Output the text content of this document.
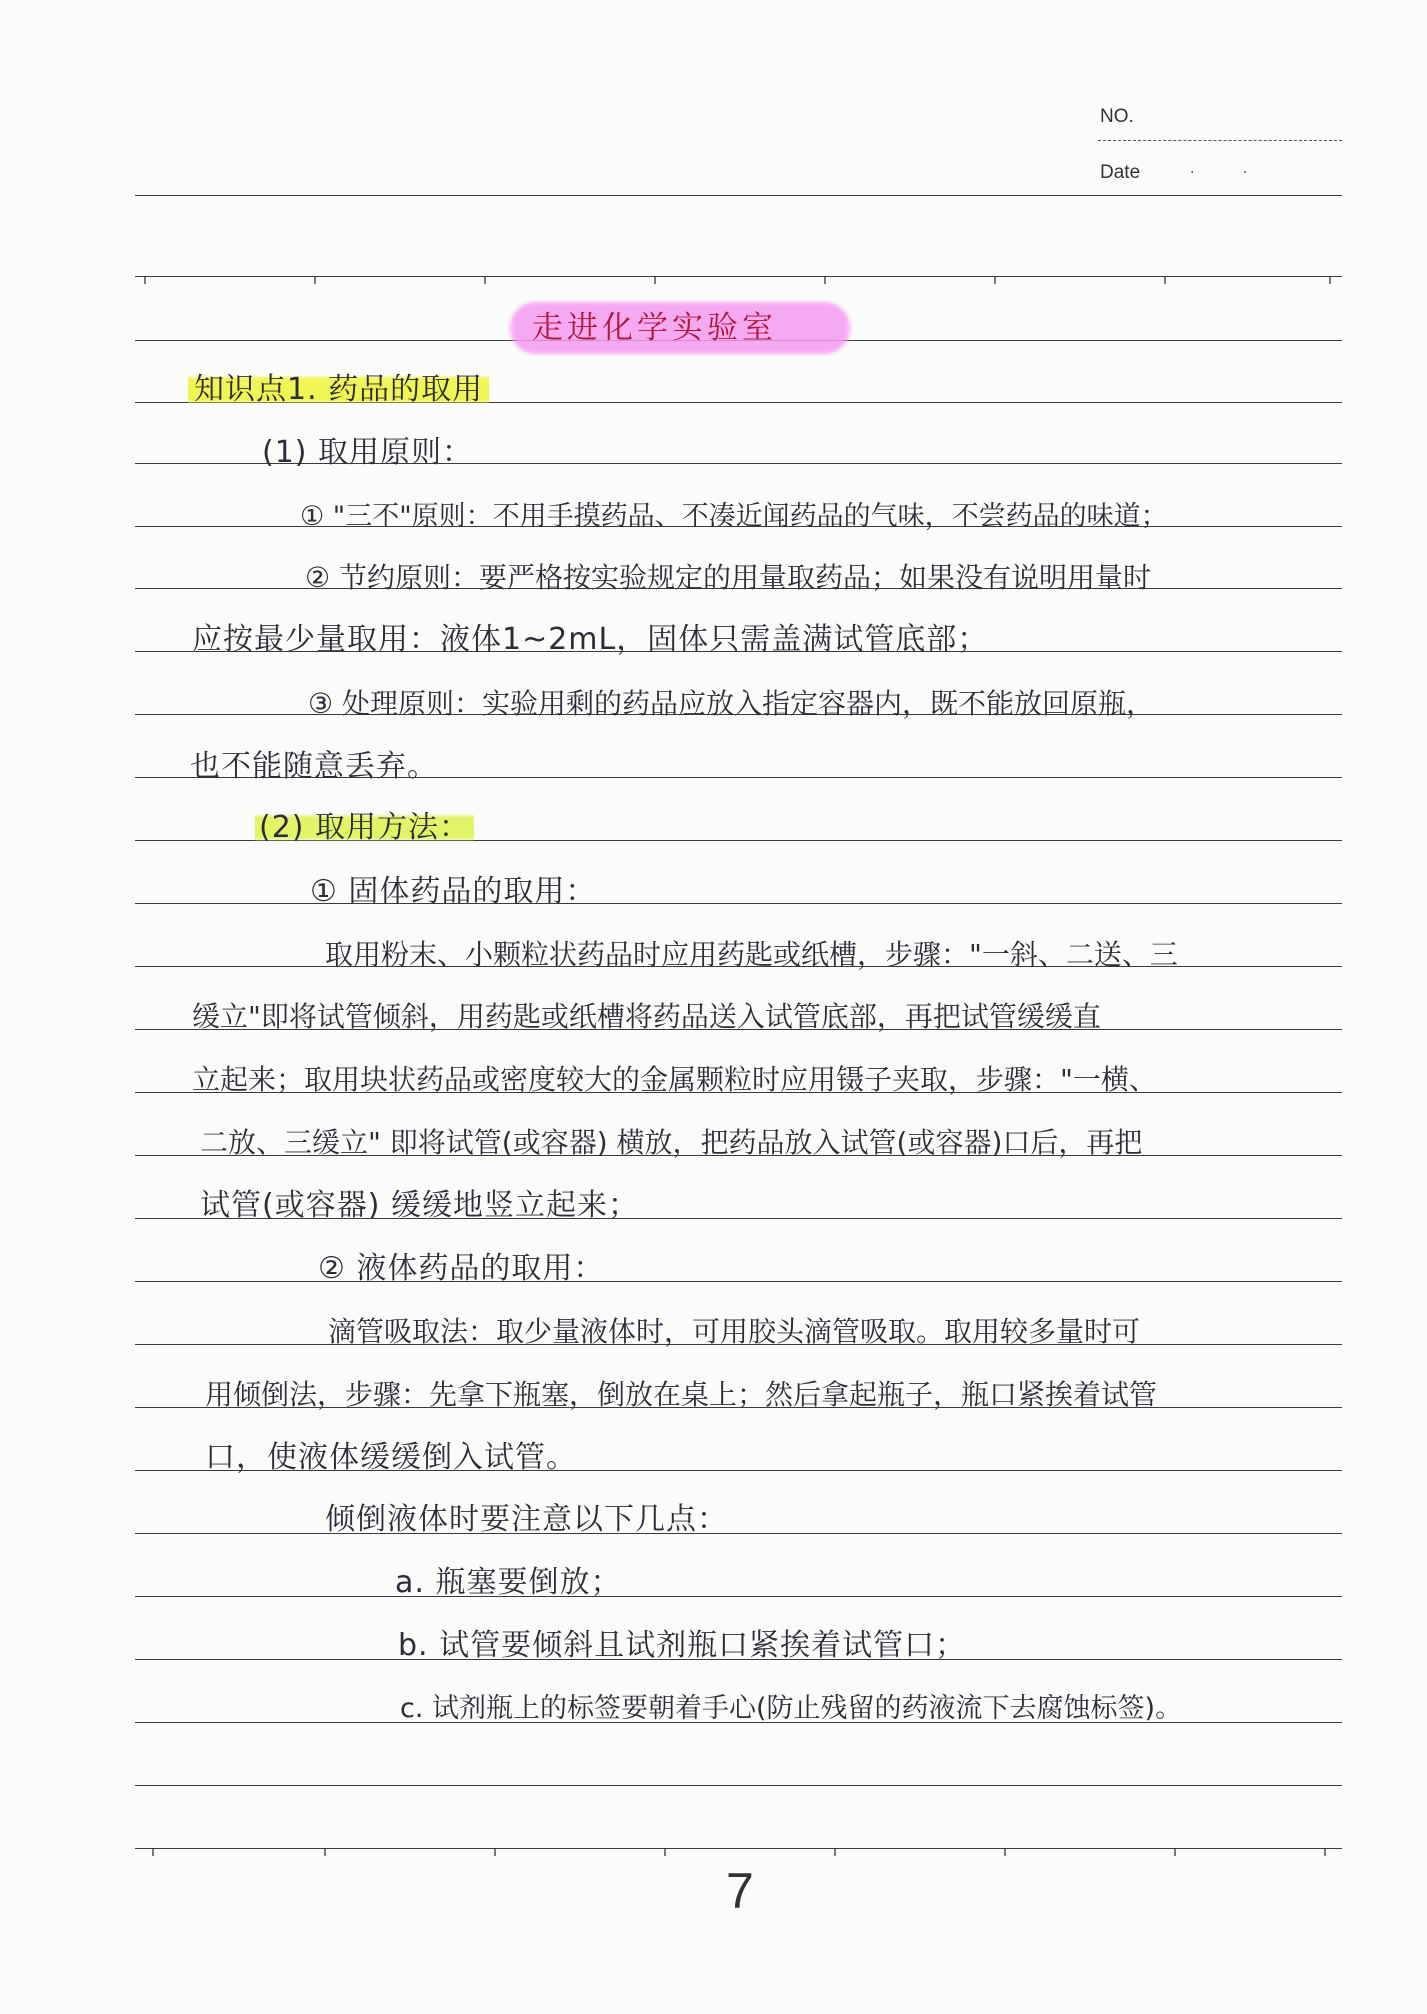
NO.
Date	. .
走进化学实验室
知识点1. 药品的取用
(1) 取用原则：
① "三不"原则：不用手摸药品、不凑近闻药品的气味，不尝药品的味道；
② 节约原则：要严格按实验规定的用量取药品；如果没有说明用量时
应按最少量取用：液体1~2mL，固体只需盖满试管底部；
③ 处理原则：实验用剩的药品应放入指定容器内，既不能放回原瓶，
也不能随意丢弃。
(2) 取用方法：
① 固体药品的取用：
取用粉末、小颗粒状药品时应用药匙或纸槽，步骤："一斜、二送、三
缓立"即将试管倾斜，用药匙或纸槽将药品送入试管底部，再把试管缓缓直
立起来；取用块状药品或密度较大的金属颗粒时应用镊子夹取，步骤："一横、
二放、三缓立" 即将试管(或容器) 横放，把药品放入试管(或容器)口后，再把
试管(或容器) 缓缓地竖立起来；
② 液体药品的取用：
滴管吸取法：取少量液体时，可用胶头滴管吸取。取用较多量时可
用倾倒法，步骤：先拿下瓶塞，倒放在桌上；然后拿起瓶子，瓶口紧挨着试管
口，使液体缓缓倒入试管。
倾倒液体时要注意以下几点：
a. 瓶塞要倒放；
b. 试管要倾斜且试剂瓶口紧挨着试管口；
c. 试剂瓶上的标签要朝着手心(防止残留的药液流下去腐蚀标签)。
7
